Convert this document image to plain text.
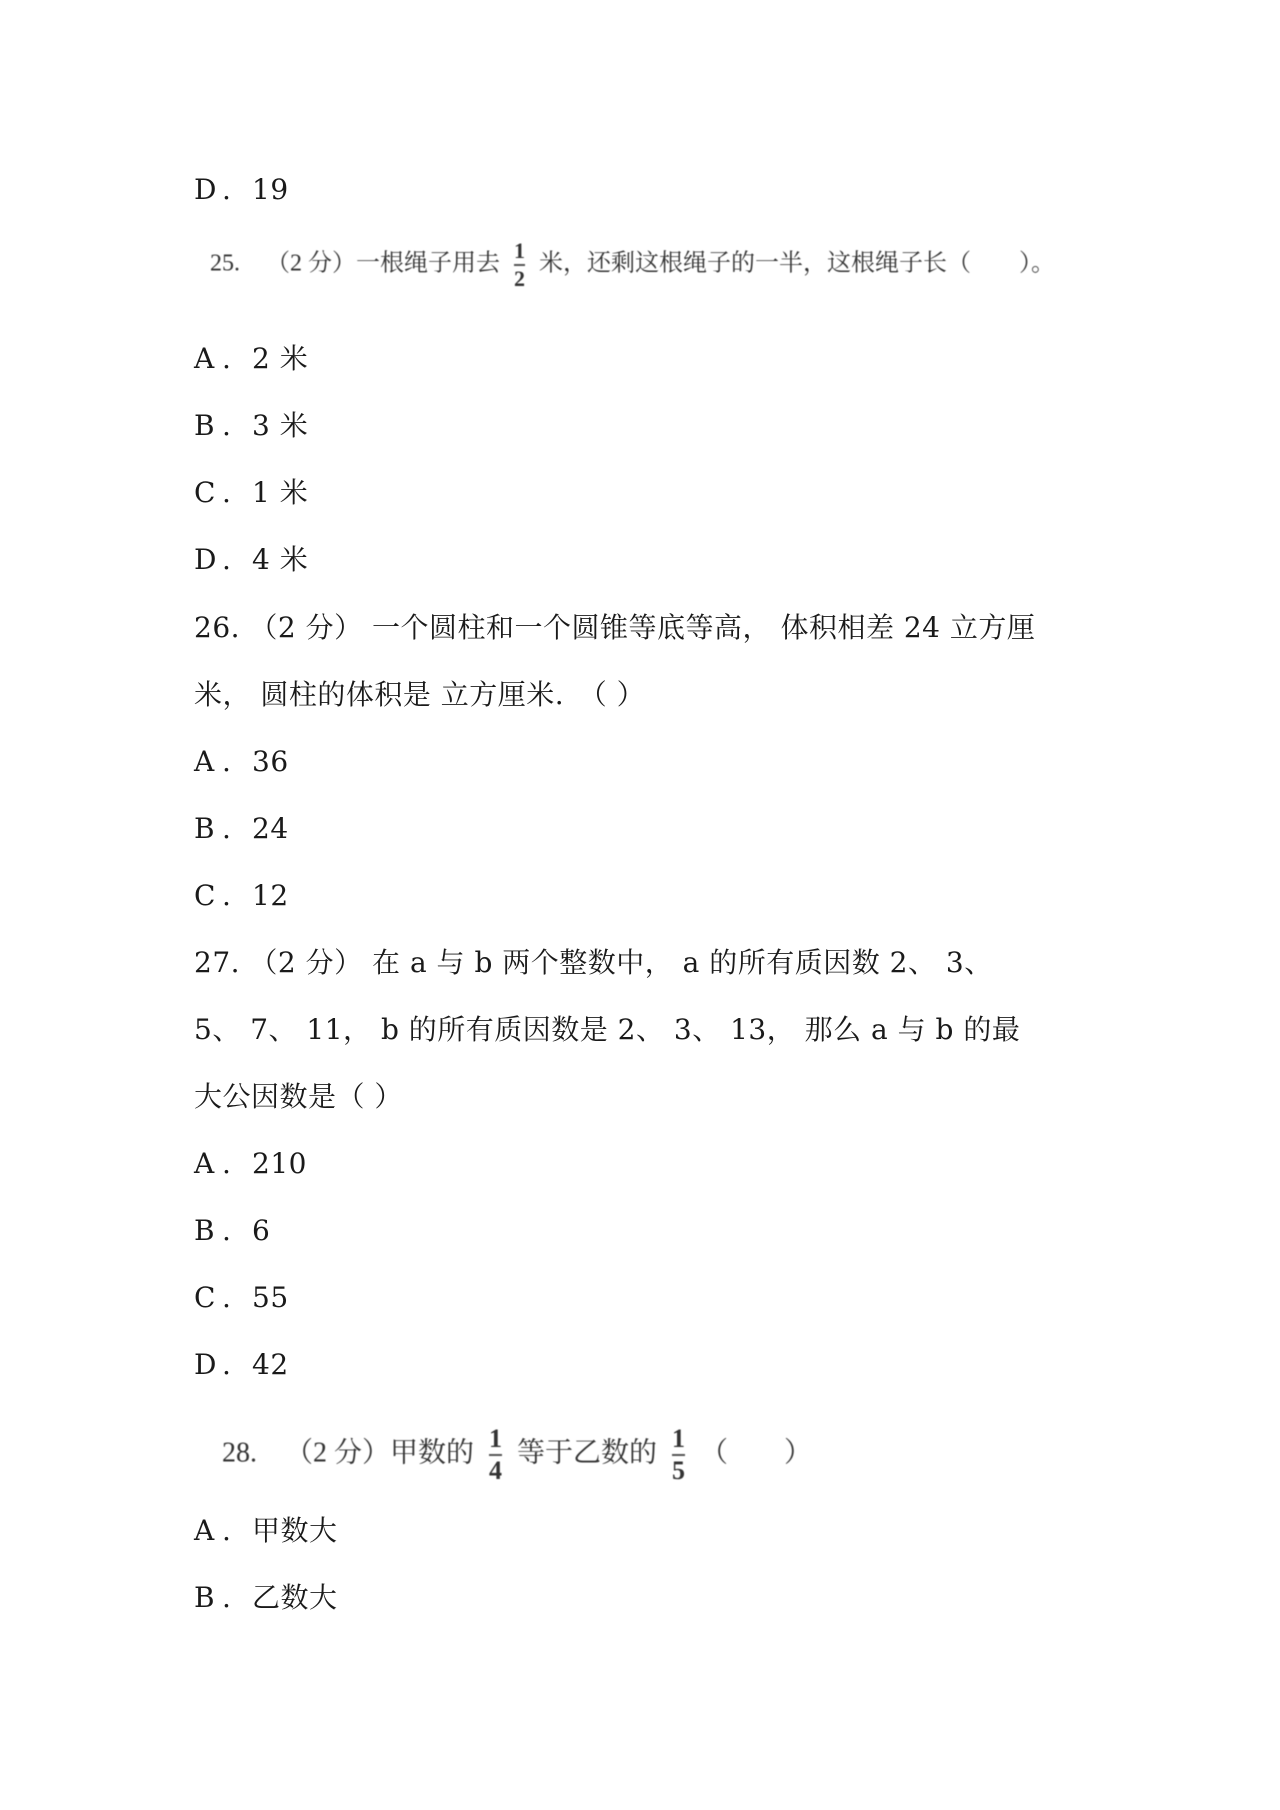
D . 19
25. （2 分）一根绳子用去 $\frac{1}{2}$ 米，还剩这根绳子的一半，这根绳子长（　　）。
A . 2 米
B . 3 米
C . 1 米
D . 4 米
26. （2 分） 一个圆柱和一个圆锥等底等高， 体积相差 24 立方厘
米， 圆柱的体积是 立方厘米.　（ ）
A . 36
B . 24
C . 12
27. （2 分） 在 a 与 b 两个整数中， a 的所有质因数 2、 3、
5、 7、 11， b 的所有质因数是 2、 3、 13， 那么 a 与 b 的最
大公因数是（ ）
A . 210
B . 6
C . 55
D . 42
28. （2 分）甲数的 $\frac{1}{4}$ 等于乙数的 $\frac{1}{5}$ （　　）
A . 甲数大
B . 乙数大
